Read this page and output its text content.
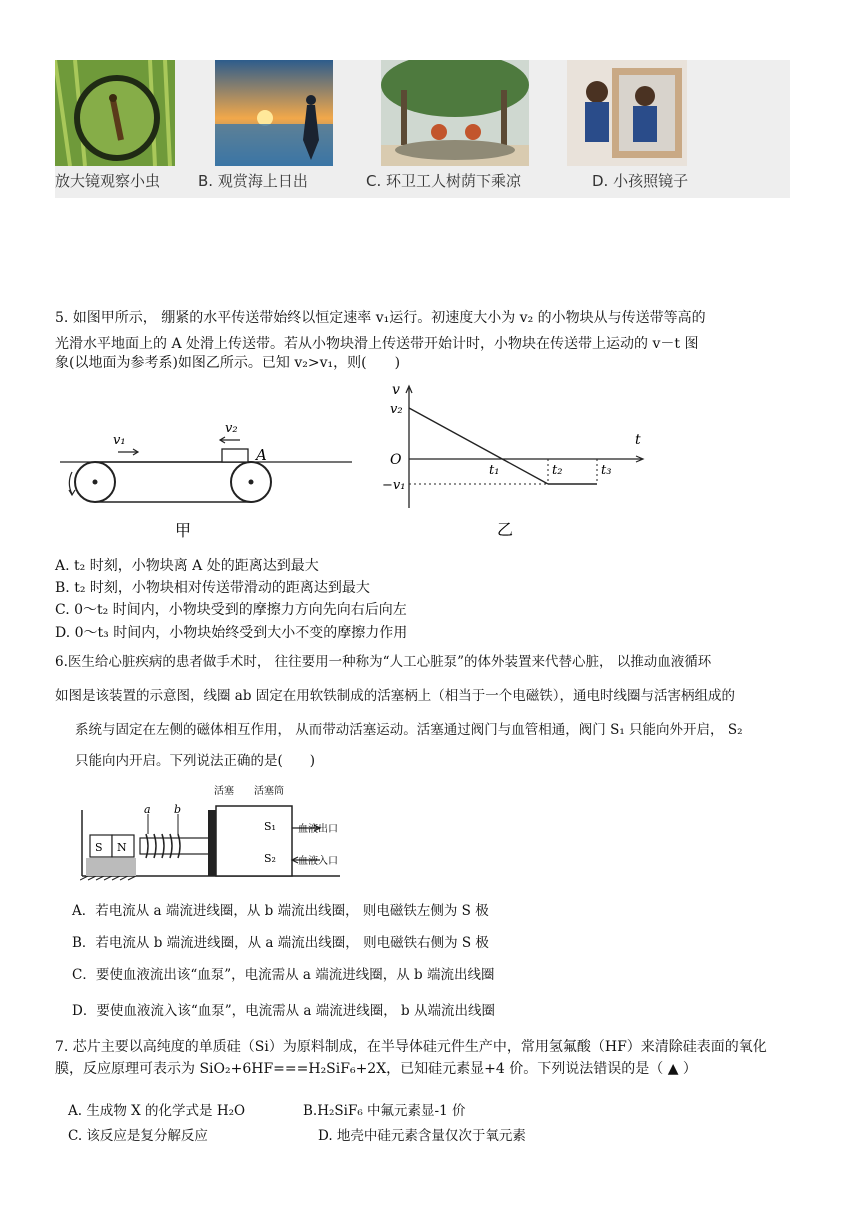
放大镜观察小虫	B. 观赏海上日出	C. 环卫工人树荫下乘凉	D. 小孩照镜子
5. 如图甲所示， 绷紧的水平传送带始终以恒定速率 v₁运行。初速度大小为 v₂ 的小物块从与传送带等高的
光滑水平地面上的 A 处滑上传送带。若从小物块滑上传送带开始计时，小物块在传送带上运动的 v－t 图
象(以地面为参考系)如图乙所示。已知 v₂>v₁，则(　　)
v₁
v₂
A
甲
v
v₂
O
−v₁
t₁	t₂	t₃
t
乙
A. t₂ 时刻，小物块离 A 处的距离达到最大
B. t₂ 时刻，小物块相对传送带滑动的距离达到最大
C. 0～t₂ 时间内，小物块受到的摩擦力方向先向右后向左
D. 0～t₃ 时间内，小物块始终受到大小不变的摩擦力作用
6.医生给心脏疾病的患者做手术时， 往往要用一种称为“人工心脏泵”的体外装置来代替心脏， 以推动血液循环
如图是该装置的示意图，线圈 ab 固定在用软铁制成的活塞柄上（相当于一个电磁铁），通电时线圈与活害柄组成的
系统与固定在左侧的磁体相互作用， 从而带动活塞运动。活塞通过阀门与血管相通，阀门 S₁ 只能向外开启， S₂
只能向内开启。下列说法正确的是(　　)
S N
a b
S₁
S₂
活塞 活塞筒
血液出口
血液入口
A．若电流从 a 端流进线圈，从 b 端流出线圈， 则电磁铁左侧为 S 极
B．若电流从 b 端流进线圈，从 a 端流出线圈， 则电磁铁右侧为 S 极
C．要使血液流出该“血泵”，电流需从 a 端流进线圈，从 b 端流出线圈
D．要使血液流入该“血泵”，电流需从 a 端流进线圈， b 从端流出线圈
7. 芯片主要以高纯度的单质硅（Si）为原料制成，在半导体硅元件生产中，常用氢氟酸（HF）来清除硅表面的氧化
膜，反应原理可表示为 SiO₂+6HF===H₂SiF₆+2X，已知硅元素显+4 价。下列说法错误的是（ ▲ ）
A. 生成物 X 的化学式是 H₂O	B.H₂SiF₆ 中氟元素显-1 价
C. 该反应是复分解反应	D. 地壳中硅元素含量仅次于氧元素
